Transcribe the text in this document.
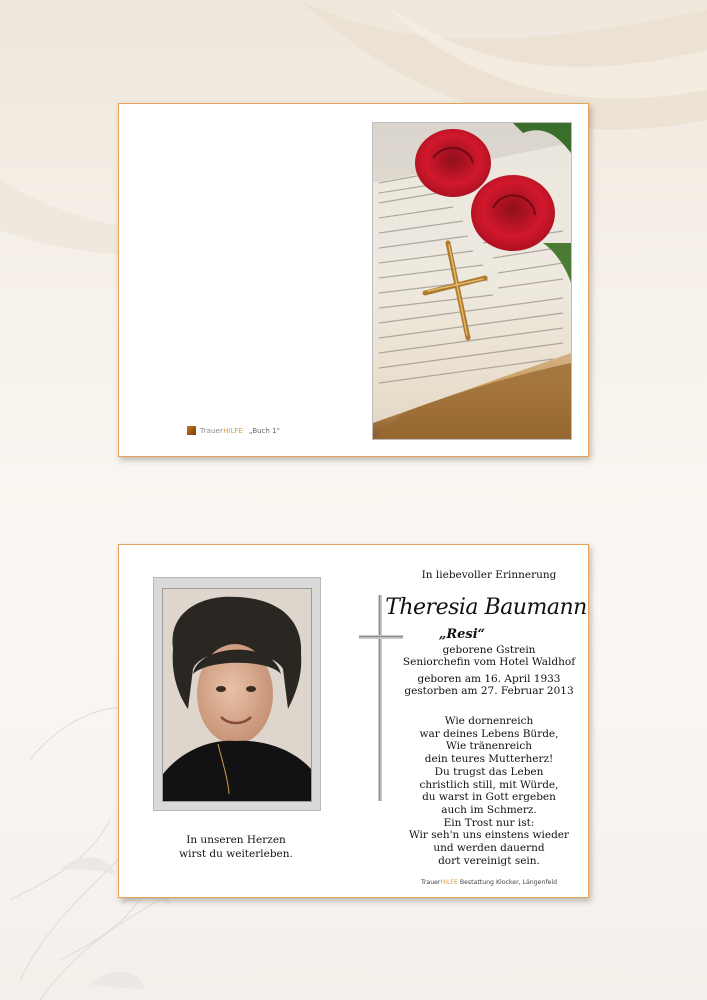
Trauer HILFE „Buch 1“
In unseren Herzen
wirst du weiterleben.
In liebevoller Erinnerung
Theresia Baumann
„Resi“
geborene Gstrein
Seniorchefin vom Hotel Waldhof
geboren am 16. April 1933
gestorben am 27. Februar 2013
Wie dornenreich
war deines Lebens Bürde,
Wie tränenreich
dein teures Mutterherz!
Du trugst das Leben
christlich still, mit Würde,
du warst in Gott ergeben
auch im Schmerz.
Ein Trost nur ist:
Wir seh'n uns einstens wieder
und werden dauernd
dort vereinigt sein.
TrauerHILFE Bestattung Klocker, Längenfeld
